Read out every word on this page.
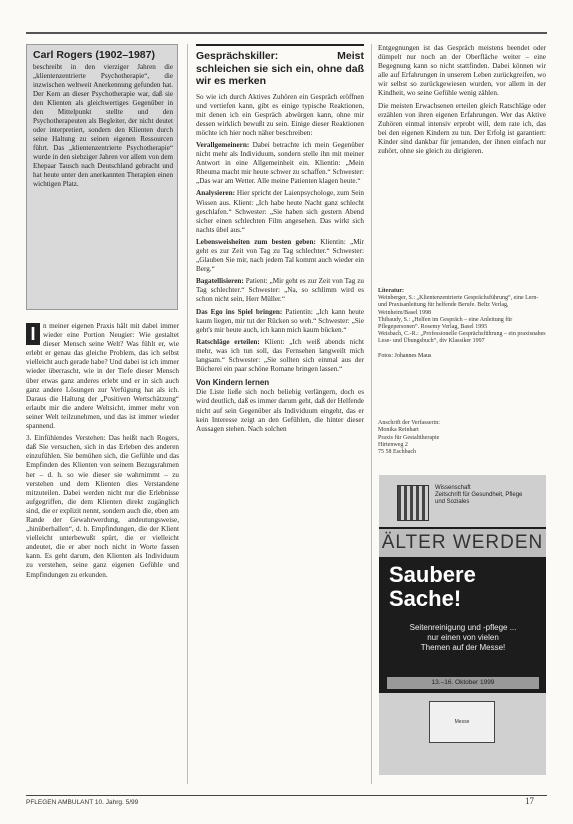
Carl Rogers (1902–1987)

beschreibt in den vierziger Jahren die „klientenzentrierte Psychotherapie“, die inzwischen weltweit Anerkennung gefunden hat. Der Kern an dieser Psychotherapie war, daß sie den Klienten als gleichwertiges Gegenüber in den Mittelpunkt stellte und den Psychotherapeuten als Begleiter, der nicht deutet oder interpretiert, sondern den Klienten durch seine Haltung zu seinen eigenen Ressourcen führt. Das „klientenzentrierte Psychotherapie“ wurde in den siebziger Jahren vor allem von dem Ehepaar Tausch nach Deutschland gebracht und hat heute unter den anerkannten Therapien einen wichtigen Platz.

I	n meiner eigenen Praxis hält mit dabei immer wieder eine Portion Neugier: Wie gestaltet dieser Mensch seine Welt? Was fühlt er, wie erlebt er genau das gleiche Problem, das ich selbst vielleicht auch gerade habe? Und dabei ist ich immer wieder überrascht, wie in der Tiefe dieser Mensch über etwas ganz anderes erlebt und er in sich auch ganz andere Lösungen zur Verfügung hat als ich. Daraus die Haltung der „Positiven Wertschätzung“ erlaubt mir die andere Weltsicht, immer mehr von seiner Welt teilzunehmen, und das ist immer wieder spannend.

3. Einfühlendes Verstehen: Das heißt nach Rogers, daß Sie versuchen, sich in das Erleben des anderen einzufühlen. Sie bemühen sich, die Gefühle und das Empfinden des Klienten von seinem Bezugsrahmen her – d. h. so wie dieser sie wahrnimmt – zu verstehen und dem Klienten dies Verstandene mitzuteilen. Dabei werden nicht nur die Erlebnisse aufgegriffen, die dem Klienten direkt zugänglich sind, die er explizit nennt, sondern auch die, eben am Rande der Gewahrwerdung, andeutungsweise, „hinüberhallen“, d. h. Empfindungen, die der Klient vielleicht unterbewußt spürt, die er vielleicht andeutet, die er aber noch nicht in Worte fassen kann. Es geht darum, den Klienten als Individuum zu verstehen, seine ganz eigenen Gefühle und Empfindungen zu erkunden.

Gesprächskiller: Meist schleichen sie sich ein, ohne daß wir es merken

So wie ich durch Aktives Zuhören ein Gespräch eröffnen und vertiefen kann, gibt es einige typische Reaktionen, mit denen ich ein Gespräch abwürgen kann, ohne mir dessen wirklich bewußt zu sein. Einige dieser Reaktionen möchte ich hier noch näher beschreiben:

Verallgemeinern: Dabei betrachte ich mein Gegenüber nicht mehr als Individuum, sondern stelle ihn mit meiner Antwort in eine Allgemeinheit ein. Klientin: „Mein Rheuma macht mir heute schwer zu schaffen.“ Schwester: „Das war am Wetter. Alle meine Patienten klagen heute.“

Analysieren: Hier spricht der Laienpsychologe, zum Sein Wissen aus. Klient: „Ich habe heute Nacht ganz schlecht geschlafen.“ Schwester: „Sie haben sich gestern Abend sicher einen schlechten Film angesehen. Das wirkt sich nachts übel aus.“

Lebensweisheiten zum besten geben: Klientin: „Mir geht es zur Zeit von Tag zu Tag schlechter.“ Schwester: „Glauben Sie mir, nach jedem Tal kommt auch wieder ein Berg.“

Bagatellisieren: Patient: „Mir geht es zur Zeit von Tag zu Tag schlechter.“ Schwester: „Na, so schlimm wird es schon nicht sein, Herr Müller.“

Das Ego ins Spiel bringen: Patientin: „Ich kann heute kaum liegen, mir tut der Rücken so weh.“ Schwester: „Sie geht's mir heute auch, ich kann mich kaum bücken.“

Ratschläge erteilen: Klient: „Ich weiß abends nicht mehr, was ich tun soll, das Fernsehen langweilt mich langsam.“ Schwester: „Sie sollten sich einmal aus der Bücherei ein paar schöne Romane bringen lassen.“

Von Kindern lernen

Die Liste ließe sich noch beliebig verlängern, doch es wird deutlich, daß es immer darum geht, daß der Helfende nicht auf sein Gegenüber als Individuum eingeht, das er kein Interesse zeigt an den Gefühlen, die hinter dieser Aussagen stehen. Nach solchen

Entgegnungen ist das Gespräch meistens beendet oder dümpelt nur noch an der Oberfläche weiter – eine Begegnung kann so nicht stattfinden. Dabei können wir alle auf Erfahrungen in unserem Leben zurückgreifen, wo wir selbst so zurückgewiesen wurden, vor allem in der Kindheit, wo seine Gefühle wenig zählen.

Die meisten Erwachsenen erteilen gleich Ratschläge oder erzählen von ihren eigenen Erfahrungen. Wer das Aktive Zuhören einmal intensiv erprobt will, dem rate ich, das bei den eigenen Kindern zu tun. Der Erfolg ist garantiert: Kinder sind dankbar für jemanden, der ihnen einfach nur zuhört, ohne sie gleich zu dirigieren.

Literatur:

Weinberger, S.: „Klientenzentrierte Gesprächsführung“, eine Lern- und Praxisanleitung für helfende Berufe. Beltz Verlag, Weinheim/Basel 1998

Thibaudy, S.: „Helfen im Gespräch – eine Anleitung für Pflegepersonen“. Rosemy Verlag, Basel 1995

Weisbach, C.-R.: „Professionelle Gesprächsführung – ein praxisnahes Lese- und Übungsbuch“, dtv Klassiker 1997

Fotos: Johannes Maus

Anschrift der Verfasserin:

Monika Reinhart

Praxis für Gestalttherapie

Hirtenweg 2

75 58 Eschbach

Wissenschaft

Zeitschrift für Gesundheit, Pflege

und Soziales

ÄLTER WERDEN
Saubere Sache!

Seitenreinigung und -pflege ...

nur einen von vielen

Themen auf der Messe!

13.–16. Oktober 1999
Messe
PFLEGEN AMBULANT 10. Jahrg. 5/99	17
